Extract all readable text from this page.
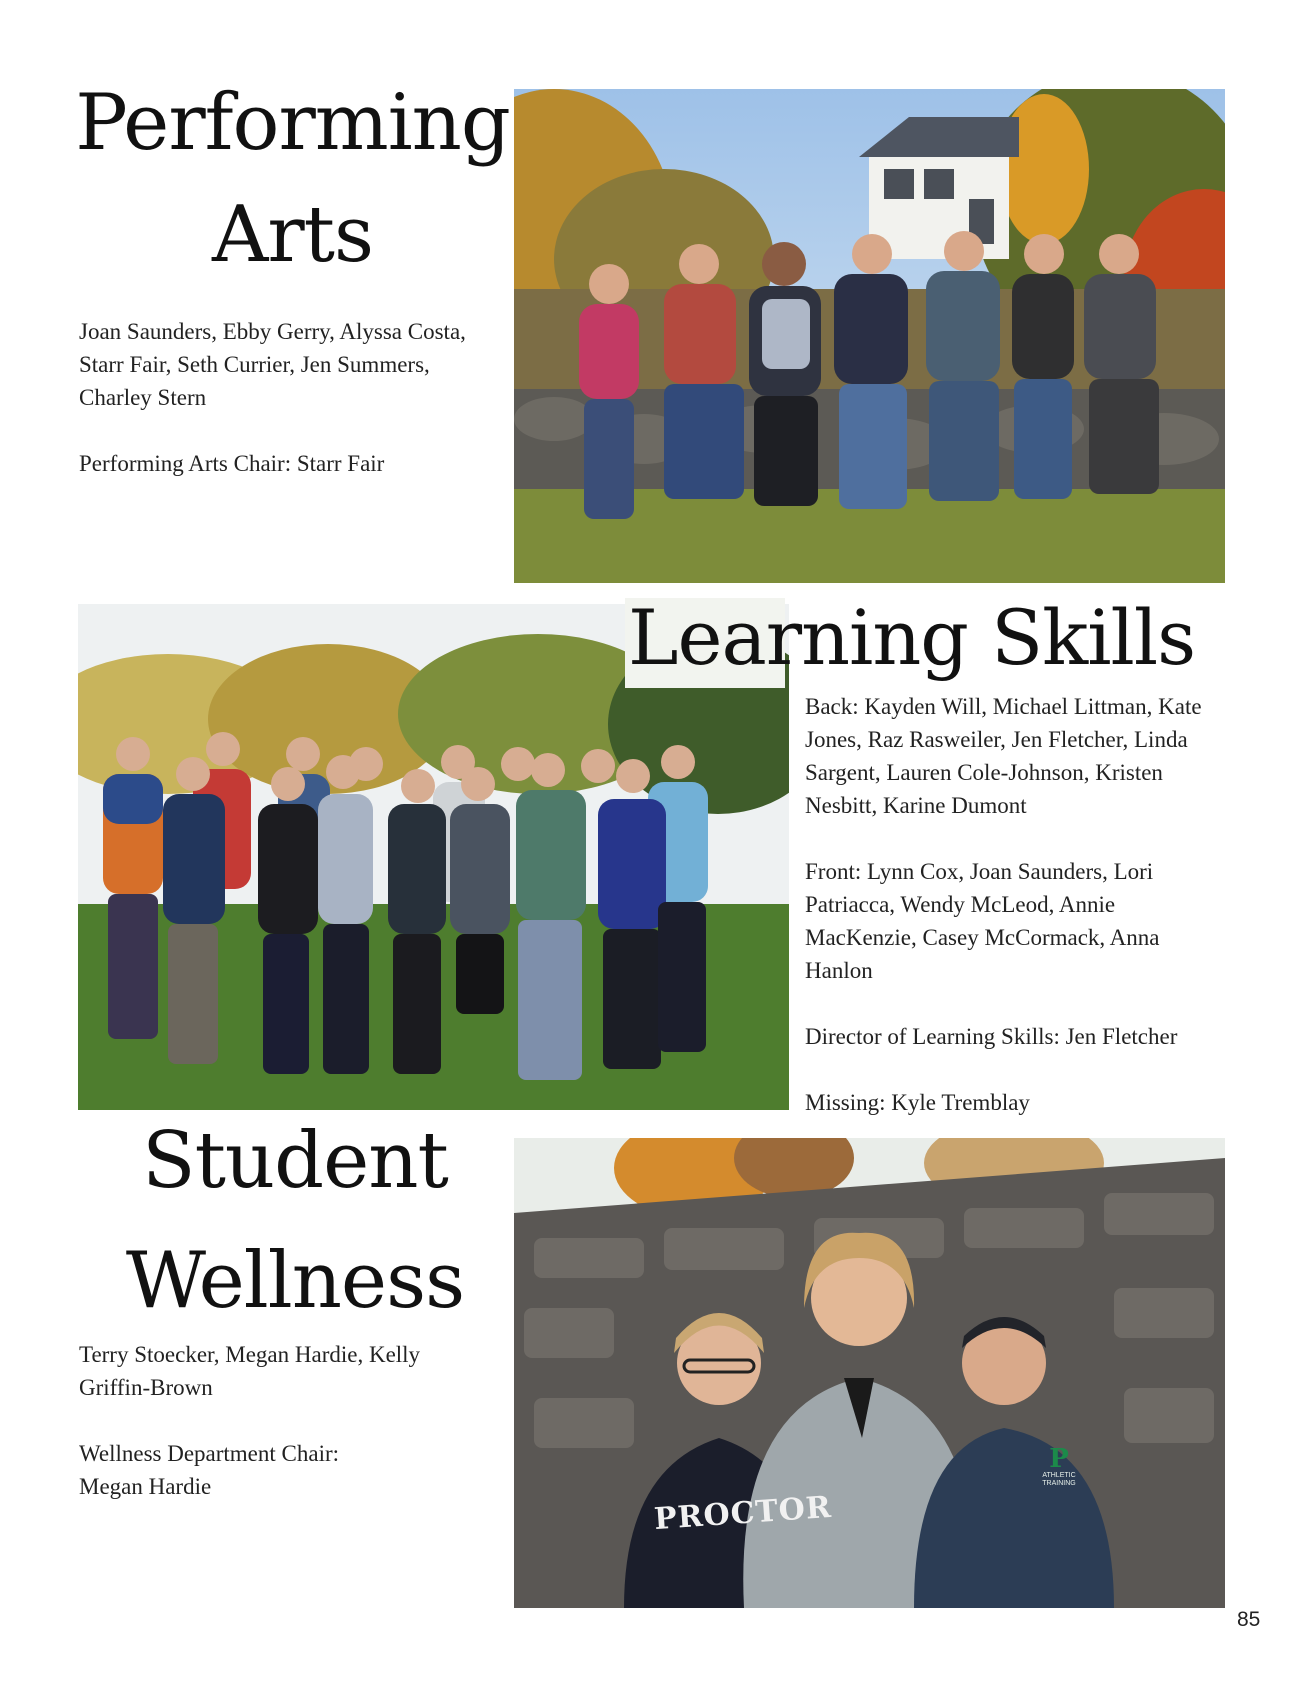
Performing
Arts

Joan Saunders, Ebby Gerry, Alyssa Costa, Starr Fair, Seth Currier, Jen Summers, Charley Stern

Performing Arts Chair: Starr Fair

Learning Skills

Back: Kayden Will, Michael Littman, Kate Jones, Raz Rasweiler, Jen Fletcher, Linda Sargent, Lauren Cole-Johnson, Kristen Nesbitt, Karine Dumont

Front: Lynn Cox, Joan Saunders, Lori Patriacca, Wendy McLeod, Annie MacKenzie, Casey McCormack, Anna Hanlon

Director of Learning Skills: Jen Fletcher

Missing: Kyle Tremblay

Student
Wellness

Terry Stoecker, Megan Hardie, Kelly Griffin-Brown

Wellness Department Chair:

Megan Hardie

PROCTOR
P
ATHLETIC TRAINING
85
